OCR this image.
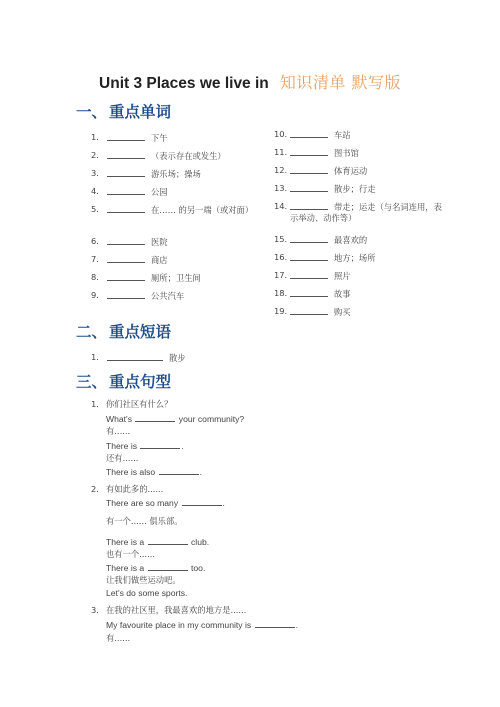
Unit 3 Places we live in 知识清单 默写版
一、 重点单词
1.	下午
2.	（表示存在或发生）
3.	游乐场；操场
4.	公园
5.	在…… 的另一端（或对面）
6.	医院
7.	商店
8.	厕所；卫生间
9.	公共汽车
10.	车站
11.	图书馆
12.	体育运动
13.	散步；行走
14.	带走；运走（与名词连用，表示举动、动作等）
15.	最喜欢的
16.	地方；场所
17.	照片
18.	故事
19.	购买
二、 重点短语
1.	散步
三、 重点句型
1. 你们社区有什么？
What's	your community?
有......
There is	.
还有......
There is also	.
2. 有如此多的......
There are so many	.
有一个...... 俱乐部。
There is a	club.
也有一个......
There is a	too.
让我们做些运动吧。
Let's do some sports.
3. 在我的社区里，我最喜欢的地方是......
My favourite place in my community is	.
有......
